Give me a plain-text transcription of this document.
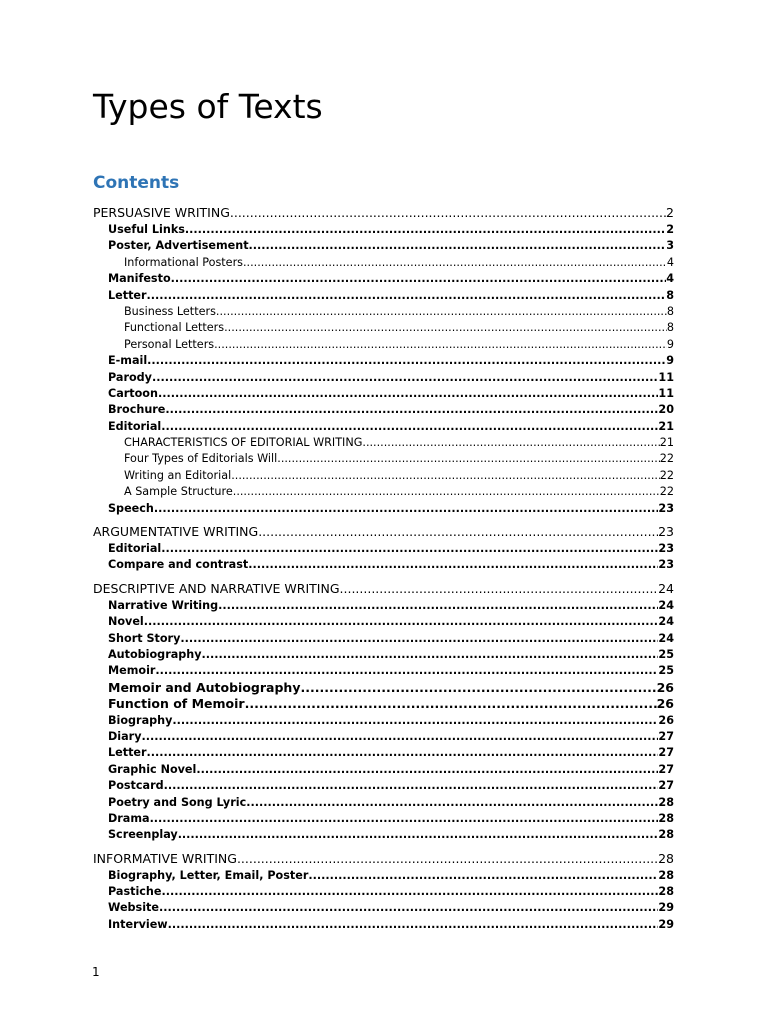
Types of Texts
Contents
PERSUASIVE WRITING .....	2
Useful Links .....	2
Poster, Advertisement .....	3
Informational Posters .....	4
Manifesto .....	4
Letter .....	8
Business Letters .....	8
Functional Letters .....	8
Personal Letters .....	9
E-mail .....	9
Parody .....	11
Cartoon .....	11
Brochure .....	20
Editorial .....	21
CHARACTERISTICS OF EDITORIAL WRITING .....	21
Four Types of Editorials Will .....	22
Writing an Editorial .....	22
A Sample Structure .....	22
Speech .....	23
ARGUMENTATIVE WRITING .....	23
Editorial .....	23
Compare and contrast .....	23
DESCRIPTIVE AND NARRATIVE WRITING .....	24
Narrative Writing .....	24
Novel .....	24
Short Story .....	24
Autobiography .....	25
Memoir .....	25
Memoir and Autobiography .....	26
Function of Memoir .....	26
Biography .....	26
Diary .....	27
Letter .....	27
Graphic Novel .....	27
Postcard .....	27
Poetry and Song Lyric .....	28
Drama .....	28
Screenplay .....	28
INFORMATIVE WRITING .....	28
Biography, Letter, Email, Poster .....	28
Pastiche .....	28
Website .....	29
Interview .....	29
1
